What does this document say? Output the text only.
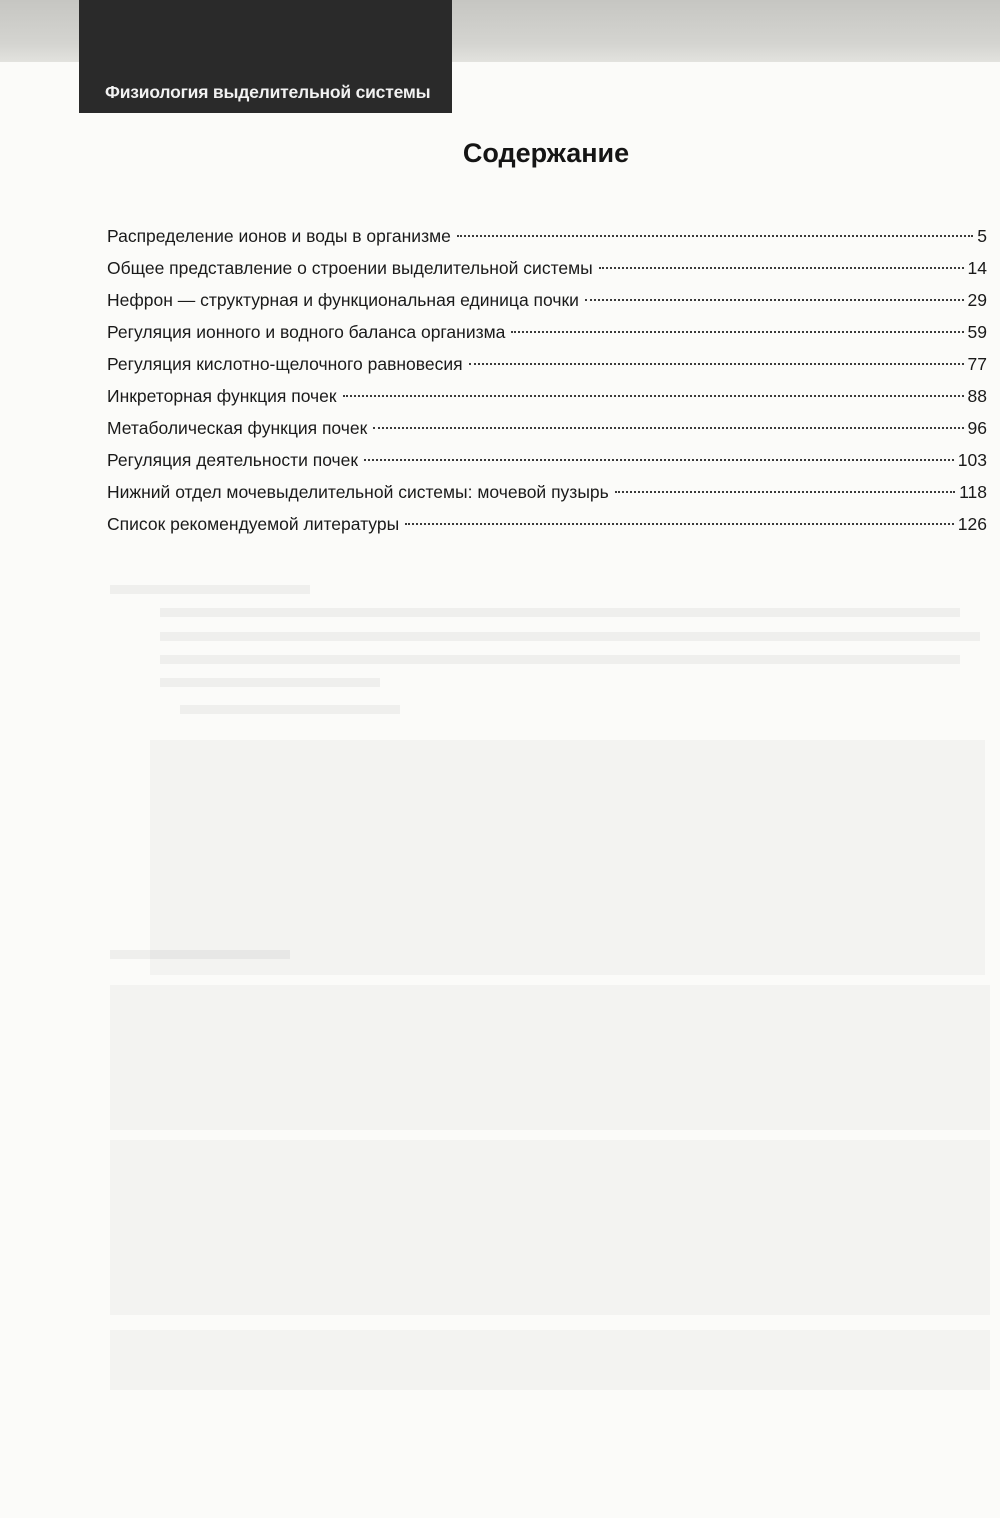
Физиология выделительной системы
Содержание
Распределение ионов и воды в организме	5
Общее представление о строении выделительной системы	14
Нефрон — структурная и функциональная единица почки	29
Регуляция ионного и водного баланса организма	59
Регуляция кислотно-щелочного равновесия	77
Инкреторная функция почек	88
Метаболическая функция почек	96
Регуляция деятельности почек	103
Нижний отдел мочевыделительной системы: мочевой пузырь	118
Список рекомендуемой литературы	126
